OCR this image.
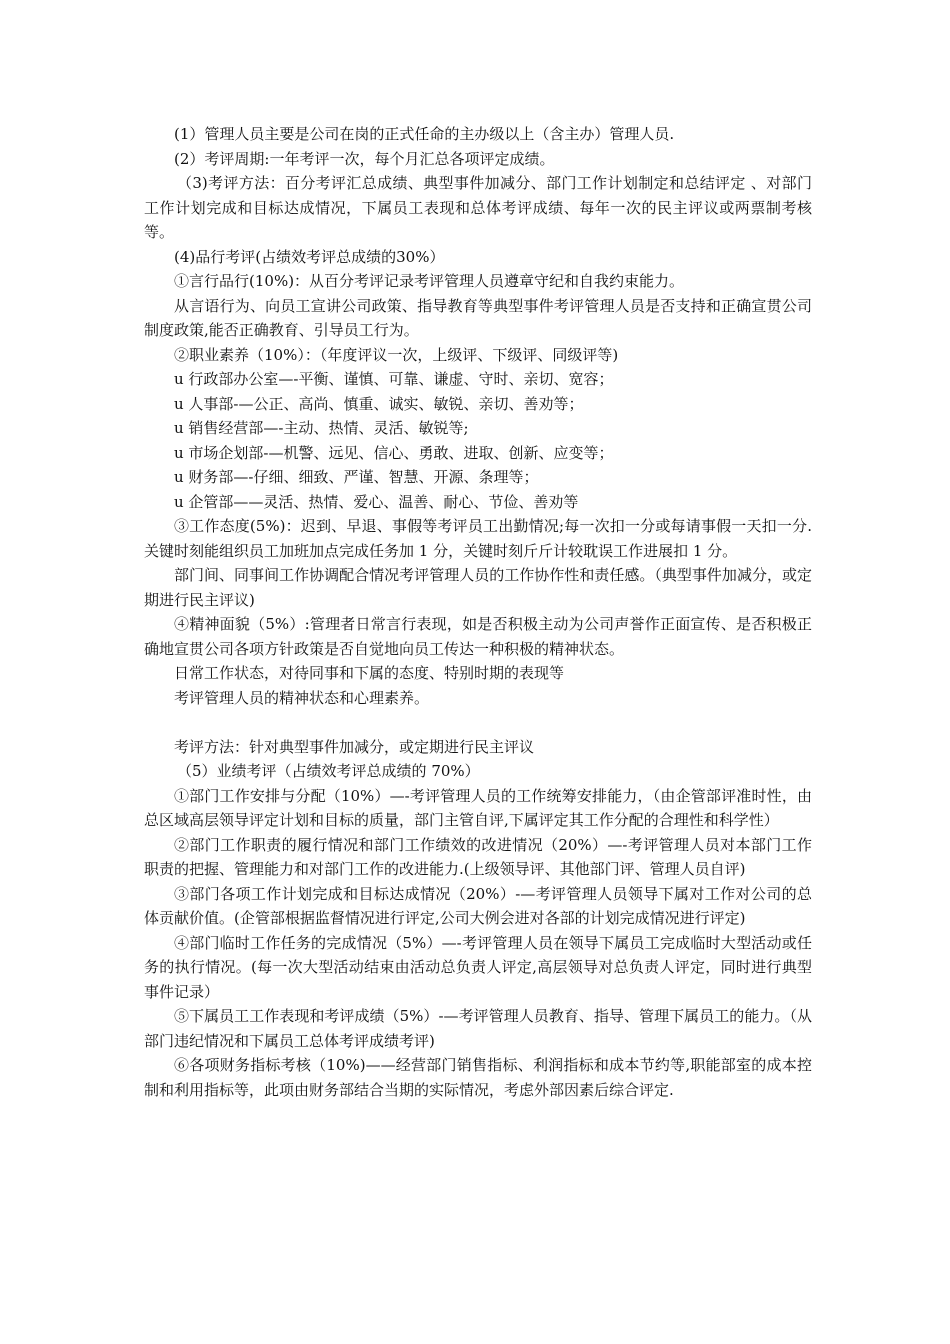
(1）管理人员主要是公司在岗的正式任命的主办级以上（含主办）管理人员.

(2）考评周期:一年考评一次，每个月汇总各项评定成绩。

（3)考评方法：百分考评汇总成绩、典型事件加减分、部门工作计划制定和总结评定 、对部门工作计划完成和目标达成情况，下属员工表现和总体考评成绩、每年一次的民主评议或两票制考核等。

(4)品行考评(占绩效考评总成绩的30%）

①言行品行(10%)：从百分考评记录考评管理人员遵章守纪和自我约束能力。

从言语行为、向员工宣讲公司政策、指导教育等典型事件考评管理人员是否支持和正确宣贯公司制度政策,能否正确教育、引导员工行为。

②职业素养（10%）：（年度评议一次，上级评、下级评、同级评等)

u 行政部办公室—-平衡、谨慎、可靠、谦虚、守时、亲切、宽容；

u 人事部-—公正、高尚、慎重、诚实、敏锐、亲切、善劝等；

u 销售经营部—-主动、热情、灵活、敏锐等;

u 市场企划部-—机警、远见、信心、勇敢、进取、创新、应变等；

u 财务部—-仔细、细致、严谨、智慧、开源、条理等；

u 企管部——灵活、热情、爱心、温善、耐心、节俭、善劝等

③工作态度(5%)：迟到、早退、事假等考评员工出勤情况;每一次扣一分或每请事假一天扣一分.关键时刻能组织员工加班加点完成任务加 1 分，关键时刻斤斤计较耽误工作进展扣 1 分。

部门间、同事间工作协调配合情况考评管理人员的工作协作性和责任感。（典型事件加减分，或定期进行民主评议)

④精神面貌（5%）:管理者日常言行表现，如是否积极主动为公司声誉作正面宣传、是否积极正确地宣贯公司各项方针政策是否自觉地向员工传达一种积极的精神状态。

日常工作状态，对待同事和下属的态度、特别时期的表现等

考评管理人员的精神状态和心理素养。

考评方法：针对典型事件加减分，或定期进行民主评议

（5）业绩考评（占绩效考评总成绩的 70%）

①部门工作安排与分配（10%）—-考评管理人员的工作统筹安排能力，（由企管部评准时性，由总区域高层领导评定计划和目标的质量，部门主管自评,下属评定其工作分配的合理性和科学性）

②部门工作职责的履行情况和部门工作绩效的改进情况（20%）—-考评管理人员对本部门工作职责的把握、管理能力和对部门工作的改进能力.(上级领导评、其他部门评、管理人员自评)

③部门各项工作计划完成和目标达成情况（20%）-—考评管理人员领导下属对工作对公司的总体贡献价值。(企管部根据监督情况进行评定,公司大例会进对各部的计划完成情况进行评定)

④部门临时工作任务的完成情况（5%）—-考评管理人员在领导下属员工完成临时大型活动或任务的执行情况。(每一次大型活动结束由活动总负责人评定,高层领导对总负责人评定，同时进行典型事件记录）

⑤下属员工工作表现和考评成绩（5%）-—考评管理人员教育、指导、管理下属员工的能力。（从部门违纪情况和下属员工总体考评成绩考评)

⑥各项财务指标考核（10%)——经营部门销售指标、利润指标和成本节约等,职能部室的成本控制和利用指标等，此项由财务部结合当期的实际情况，考虑外部因素后综合评定.
